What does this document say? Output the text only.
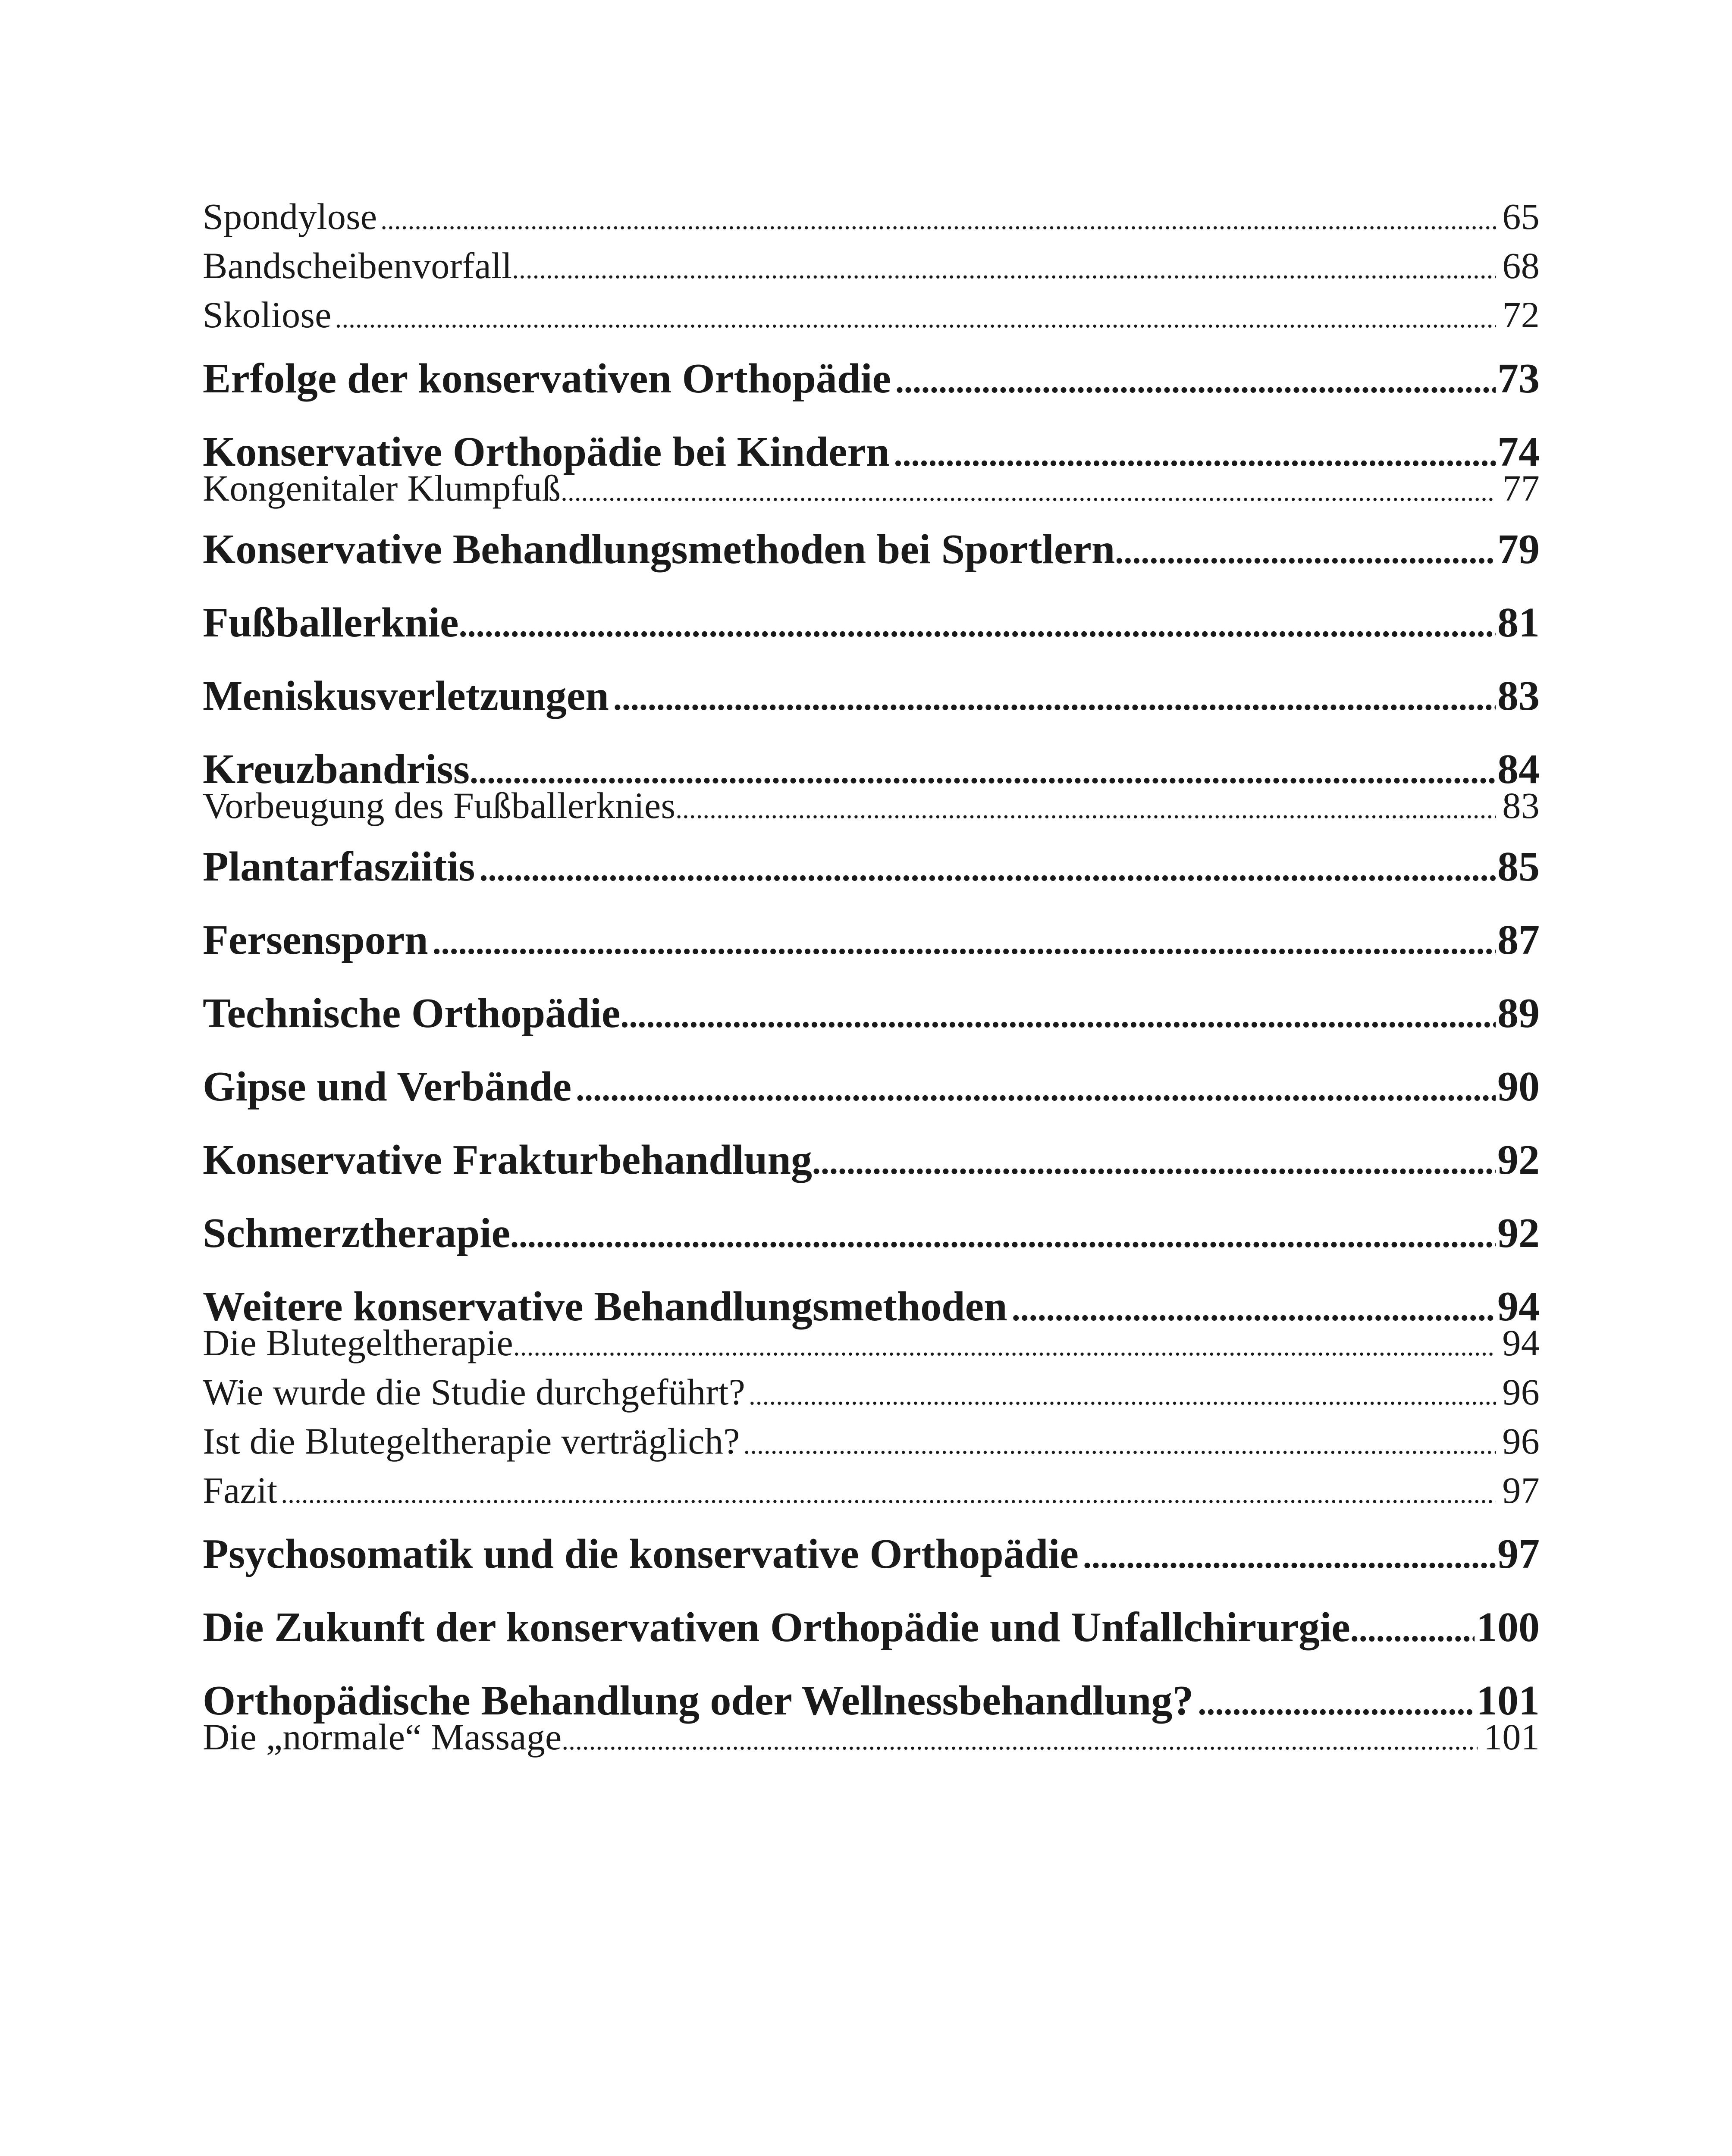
Spondylose .....	65
Bandscheibenvorfall .....	68
Skoliose .....	72
Erfolge der konservativen Orthopädie .....	73
Konservative Orthopädie bei Kindern .....	74
Kongenitaler Klumpfuß .....	77
Konservative Behandlungsmethoden bei Sportlern .....	79
Fußballerknie .....	81
Meniskusverletzungen .....	83
Kreuzbandriss .....	84
Vorbeugung des Fußballerknies .....	83
Plantarfasziitis .....	85
Fersensporn .....	87
Technische Orthopädie .....	89
Gipse und Verbände .....	90
Konservative Frakturbehandlung .....	92
Schmerztherapie .....	92
Weitere konservative Behandlungsmethoden .....	94
Die Blutegeltherapie .....	94
Wie wurde die Studie durchgeführt? .....	96
Ist die Blutegeltherapie verträglich? .....	96
Fazit .....	97
Psychosomatik und die konservative Orthopädie .....	97
Die Zukunft der konservativen Orthopädie und Unfallchirurgie .....	100
Orthopädische Behandlung oder Wellnessbehandlung? .....	101
Die „normale“ Massage .....	101
